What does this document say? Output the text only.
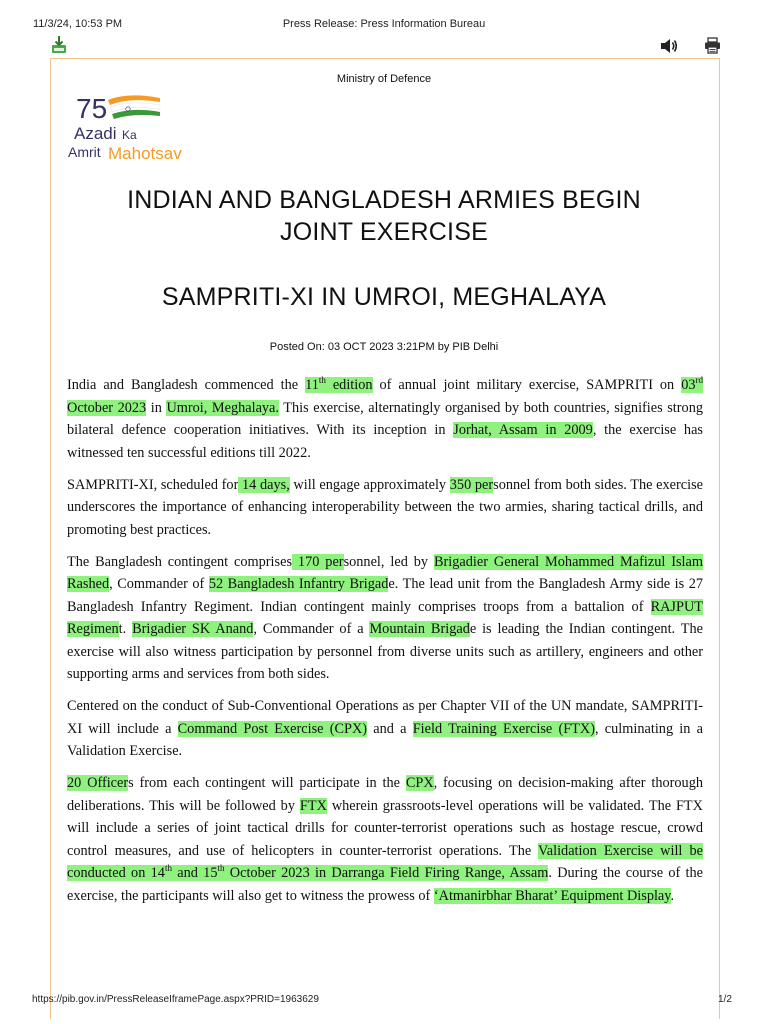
11/3/24, 10:53 PM	Press Release: Press Information Bureau
Ministry of Defence
75
Azadi Ka
Amrit Mahotsav
INDIAN AND BANGLADESH ARMIES BEGIN
JOINT EXERCISE
SAMPRITI-XI IN UMROI, MEGHALAYA
Posted On: 03 OCT 2023 3:21PM by PIB Delhi

India and Bangladesh commenced the 11th edition of annual joint military exercise, SAMPRITI on 03rd October 2023 in Umroi, Meghalaya. This exercise, alternatingly organised by both countries, signifies strong bilateral defence cooperation initiatives. With its inception in Jorhat, Assam in 2009, the exercise has witnessed ten successful editions till 2022.

SAMPRITI-XI, scheduled for 14 days, will engage approximately 350 personnel from both sides. The exercise underscores the importance of enhancing interoperability between the two armies, sharing tactical drills, and promoting best practices.

The Bangladesh contingent comprises 170 personnel, led by Brigadier General Mohammed Mafizul Islam Rashed, Commander of 52 Bangladesh Infantry Brigade. The lead unit from the Bangladesh Army side is 27 Bangladesh Infantry Regiment. Indian contingent mainly comprises troops from a battalion of RAJPUT Regiment. Brigadier SK Anand, Commander of a Mountain Brigade is leading the Indian contingent. The exercise will also witness participation by personnel from diverse units such as artillery, engineers and other supporting arms and services from both sides.

Centered on the conduct of Sub-Conventional Operations as per Chapter VII of the UN mandate, SAMPRITI-XI will include a Command Post Exercise (CPX) and a Field Training Exercise (FTX), culminating in a Validation Exercise.

20 Officers from each contingent will participate in the CPX, focusing on decision-making after thorough deliberations. This will be followed by FTX wherein grassroots-level operations will be validated. The FTX will include a series of joint tactical drills for counter-terrorist operations such as hostage rescue, crowd control measures, and use of helicopters in counter-terrorist operations. The Validation Exercise will be conducted on 14th and 15th October 2023 in Darranga Field Firing Range, Assam. During the course of the exercise, the participants will also get to witness the prowess of ‘Atmanirbhar Bharat’ Equipment Display.

https://pib.gov.in/PressReleaseIframePage.aspx?PRID=1963629	1/2
